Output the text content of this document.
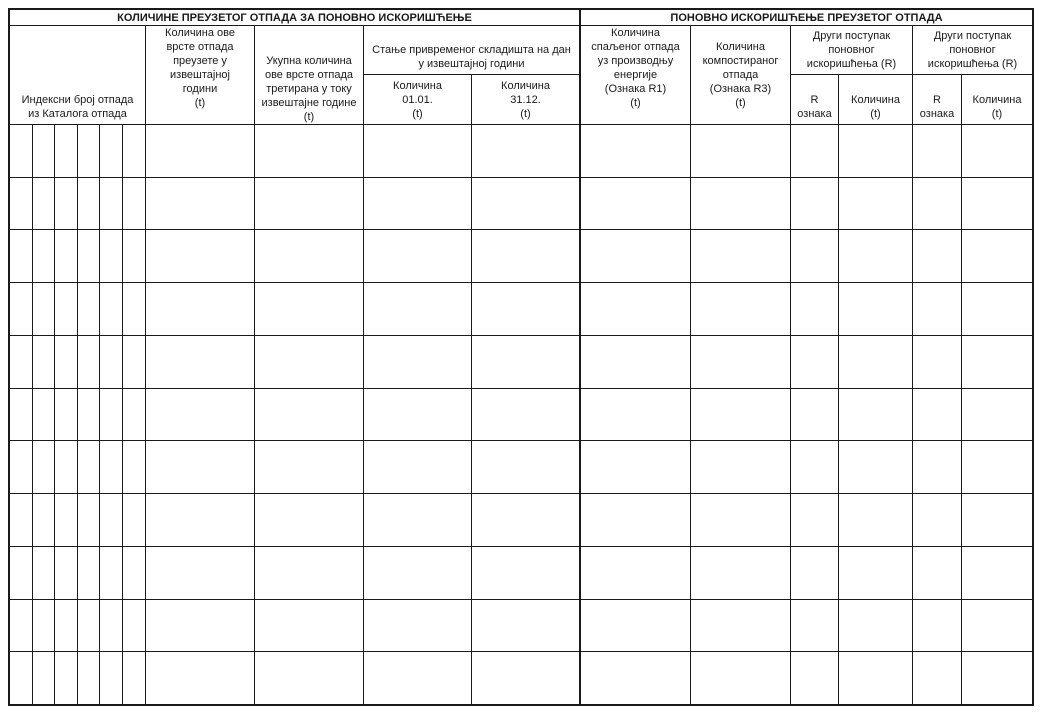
КОЛИЧИНЕ ПРЕУЗЕТОГ ОТПАДА ЗА ПОНОВНО ИСКОРИШЋЕЊЕ	ПОНОВНО ИСКОРИШЋЕЊЕ ПРЕУЗЕТОГ ОТПАДА
Индексни број отпада
из Каталога отпада
Количина ове
врсте отпада
преузете у
извештајној
години
(t)
Укупна количина
ове врсте отпада
третирана у току
извештајне године
(t)
Стање привременог складишта на дан
у извештајној години
Количина
01.01.
(t)
Количина
31.12.
(t)
Количина
спаљеног отпада
уз производњу
енергије
(Ознака R1)
(t)
Количина
компостираног
отпада
(Ознака R3)
(t)
Други поступак
поновног
искоришћења (R)
R
ознака
Количина
(t)
Други поступак
поновног
искоришћења (R)
R
ознака
Количина
(t)
